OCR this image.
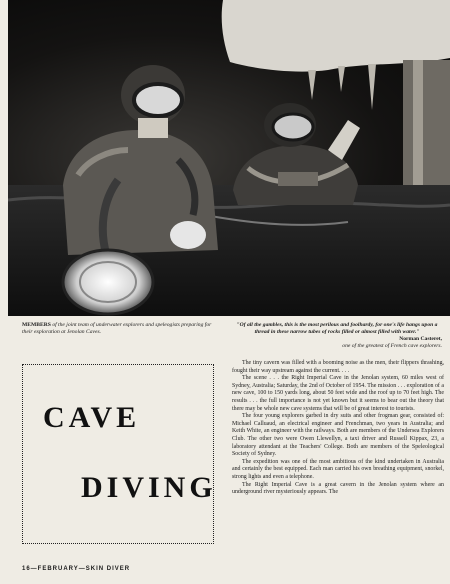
MEMBERS of the joint team of underwater explorers and speleogists preparing for their exploration at Jenolan Caves.
"Of all the gambles, this is the most perilous and foolhardy, for one's life hangs upon a thread in these narrow tubes of rocks filled or almost filled with water."
Norman Casteret,
one of the greatest of French cave explorers.
CAVE
DIVING

The tiny cavern was filled with a booming noise as the men, their flippers thrashing, fought their way upstream against the current. . . .

The scene . . . the Right Imperial Cave in the Jenolan system, 60 miles west of Sydney, Australia; Saturday, the 2nd of October of 1954. The mission . . . exploration of a new cave, 100 to 150 yards long, about 50 feet wide and the roof up to 70 feet high. The results . . . the full importance is not yet known but it seems to bear out the theory that there may be whole new cave systems that will be of great interest to tourists.

The four young explorers garbed in dry suits and other frogman gear, consisted of: Michael Calluaud, an electrical engineer and Frenchman, two years in Australia; and Keith White, an engineer with the railways. Both are members of the Undersea Explorers Club. The other two were Owen Llewellyn, a taxi driver and Russell Kippax, 23, a laboratory attendant at the Teachers' College. Both are members of the Speleological Society of Sydney.

The expedition was one of the most ambitious of the kind undertaken in Australia and certainly the best equipped. Each man carried his own breathing equipment, snorkel, strong lights and even a telephone.

The Right Imperial Cave is a great cavern in the Jenolan system where an underground river mysteriously appears. The

16—FEBRUARY—SKIN DIVER
